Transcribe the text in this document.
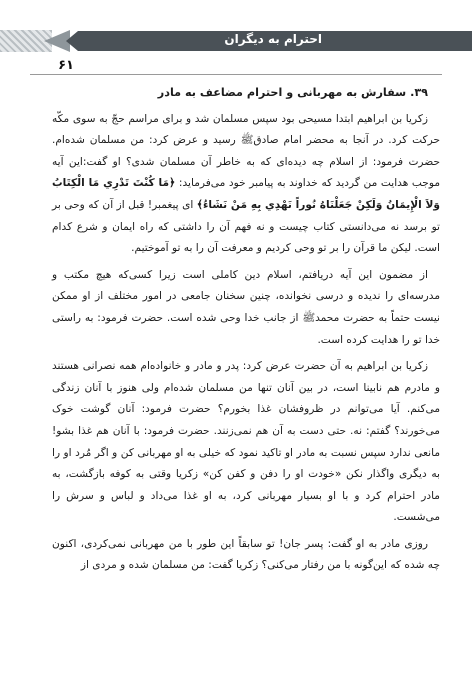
احترام به دیگران
۶۱

۳۹. سفارش به مهربانی و احترام مضاعف به مادر

زکریا بن ابراهیم ابتدا مسیحی بود سپس مسلمان شد و برای مراسم حجّ به سوی مکّه حرکت کرد. در آنجا به محضر امام صادقﷺ رسید و عرض کرد: من مسلمان شده‌ام. حضرت فرمود: از اسلام چه دیده‌ای که به خاطر آن مسلمان شدی؟ او گفت:این آیه موجب هدایت من گردید که خداوند به پیامبر خود می‌فرماید: ﴿مَا كُنْتَ تَدْرِي مَا الْكِتَابُ وَلاَ الْإِيمَانُ وَلَكِنْ جَعَلْنَاهُ نُوراً نَهْدِي بِهِ مَنْ نَشَاءُ﴾ ای پیغمبر! قبل از آن که وحی بر تو برسد نه می‌دانستی کتاب چیست و نه فهم آن را داشتی که راه ایمان و شرع کدام است. لیکن ما قرآن را بر تو وحی کردیم و معرفت آن را به تو آموختیم.

از مضمون این آیه دریافتم، اسلام دین کاملی است زیرا کسی‌که هیچ مکتب و مدرسه‌ای را ندیده و درسی نخوانده، چنین سخنان جامعی در امور مختلف از او ممکن نیست حتماً به حضرت محمدﷺ از جانب خدا وحی شده است. حضرت فرمود: به راستی خدا تو را هدایت کرده است.

زکریا بن ابراهیم به آن حضرت عرض کرد: پدر و مادر و خانواده‌ام همه نصرانی هستند و مادرم هم نابینا است، در بین آنان تنها من مسلمان شده‌ام ولی هنوز با آنان زندگی می‌کنم. آیا می‌توانم در ظروفشان غذا بخورم؟ حضرت فرمود: آنان گوشت خوک می‌خورند؟ گفتم: نه. حتی دست به آن هم نمی‌زنند. حضرت فرمود: با آنان هم غذا بشو! مانعی ندارد سپس نسبت به مادر او تاکید نمود که خیلی به او مهربانی کن و اگر مُرد او را به دیگری واگذار نکن «خودت او را دفن و کفن کن» زکریا وقتی به کوفه بازگشت، به مادر احترام کرد و با او بسیار مهربانی کرد، به او غذا می‌داد و لباس و سرش را می‌شست.

روزی مادر به او گفت: پسر جان! تو سابقاً این طور با من مهربانی نمی‌کردی، اکنون چه شده که این‌گونه با من رفتار می‌کنی؟ زکریا گفت: من مسلمان شده و مردی از
